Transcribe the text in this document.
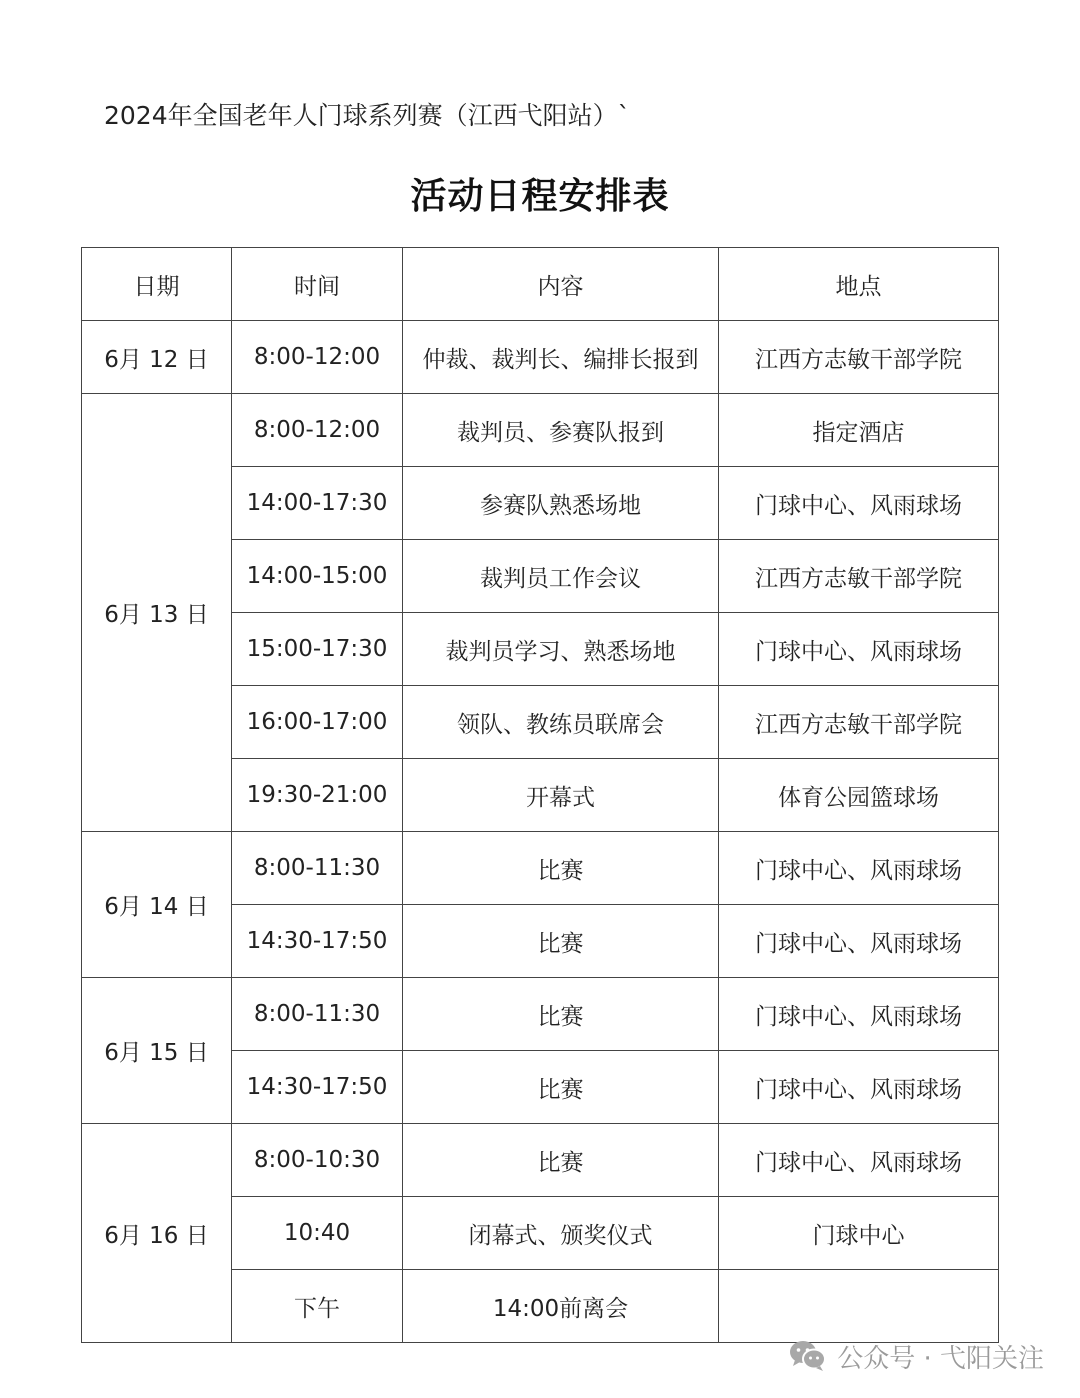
2024年全国老年人门球系列赛（江西弋阳站）`
活动日程安排表
日期	时间	内容	地点
6月 12 日	8:00-12:00	仲裁、裁判长、编排长报到	江西方志敏干部学院
6月 13 日	8:00-12:00	裁判员、参赛队报到	指定酒店
	14:00-17:30	参赛队熟悉场地	门球中心、风雨球场
	14:00-15:00	裁判员工作会议	江西方志敏干部学院
	15:00-17:30	裁判员学习、熟悉场地	门球中心、风雨球场
	16:00-17:00	领队、教练员联席会	江西方志敏干部学院
	19:30-21:00	开幕式	体育公园篮球场
6月 14 日	8:00-11:30	比赛	门球中心、风雨球场
	14:30-17:50	比赛	门球中心、风雨球场
6月 15 日	8:00-11:30	比赛	门球中心、风雨球场
	14:30-17:50	比赛	门球中心、风雨球场
6月 16 日	8:00-10:30	比赛	门球中心、风雨球场
	10:40	闭幕式、颁奖仪式	门球中心
	下午	14:00前离会	
公众号 · 弋阳关注
